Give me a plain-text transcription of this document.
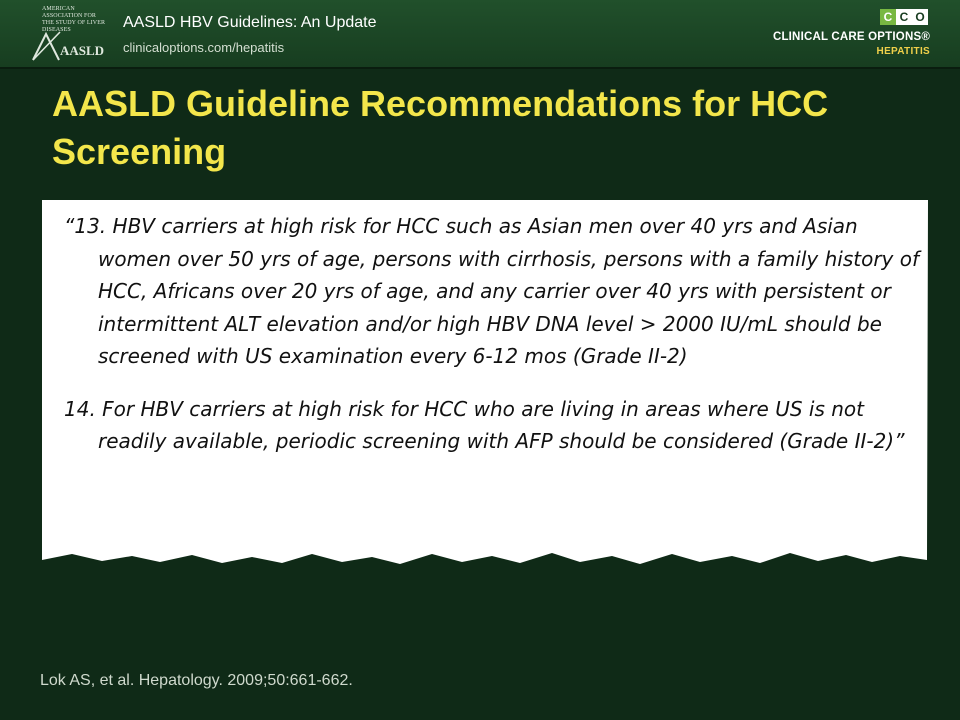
AMERICAN ASSOCIATION FOR THE STUDY OF LIVER DISEASES
AASLD
AASLD HBV Guidelines: An Update
clinicaloptions.com/hepatitis
C C O
CLINICAL CARE OPTIONS®
HEPATITIS
AASLD Guideline Recommendations for HCC Screening

“13. HBV carriers at high risk for HCC such as Asian men over 40 yrs and Asian women over 50 yrs of age, persons with cirrhosis, persons with a family history of HCC, Africans over 20 yrs of age, and any carrier over 40 yrs with persistent or intermittent ALT elevation and/or high HBV DNA level > 2000 IU/mL should be screened with US examination every 6-12 mos (Grade II-2)

14. For HBV carriers at high risk for HCC who are living in areas where US is not readily available, periodic screening with AFP should be considered (Grade II-2)”

Lok AS, et al. Hepatology. 2009;50:661-662.
